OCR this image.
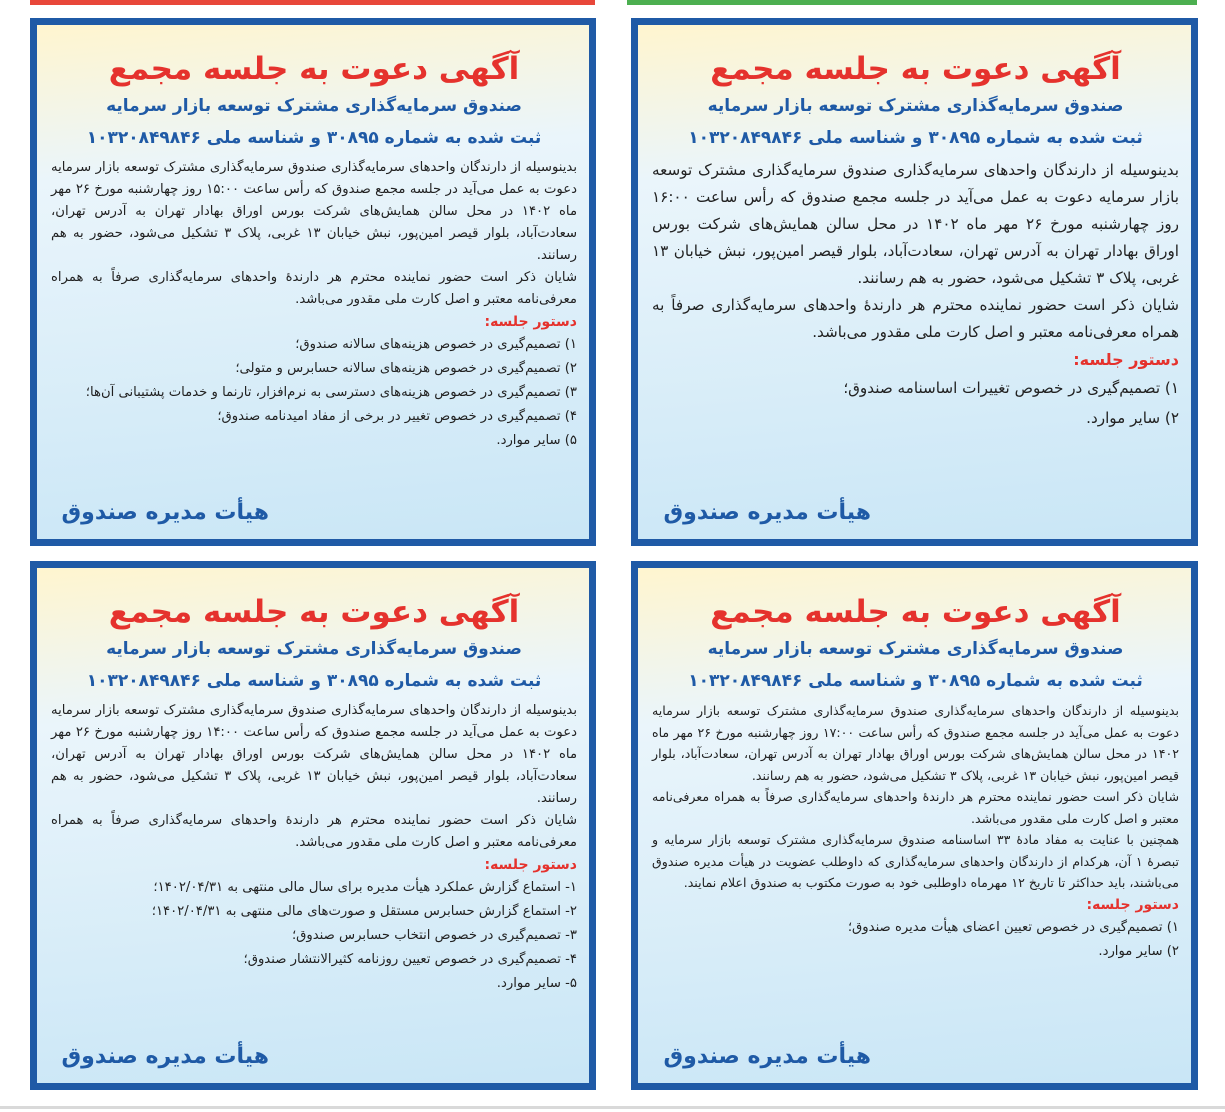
آگهی دعوت به جلسه مجمع
صندوق سرمایه‌گذاری مشترک توسعه بازار سرمایه
ثبت شده به شماره ۳۰۸۹۵ و شناسه ملی ۱۰۳۲۰۸۴۹۸۴۶

بدینوسیله از دارندگان واحدهای سرمایه‌گذاری صندوق سرمایه‌گذاری مشترک توسعه بازار سرمایه دعوت به عمل می‌آید در جلسه مجمع صندوق که رأس ساعت ۱۵:۰۰ روز چهارشنبه مورخ ۲۶ مهر ماه ۱۴۰۲ در محل سالن همایش‌های شرکت بورس اوراق بهادار تهران به آدرس تهران، سعادت‌آباد، بلوار قیصر امین‌پور، نبش خیابان ۱۳ غربی، پلاک ۳ تشکیل می‌شود، حضور به هم رسانند.

شایان ذکر است حضور نماینده محترم هر دارندهٔ واحدهای سرمایه‌گذاری صرفاً به همراه معرفی‌نامه معتبر و اصل کارت ملی مقدور می‌باشد.

دستور جلسه:
۱) تصمیم‌گیری در خصوص هزینه‌های سالانه صندوق؛
۲) تصمیم‌گیری در خصوص هزینه‌های سالانه حسابرس و متولی؛
۳) تصمیم‌گیری در خصوص هزینه‌های دسترسی به نرم‌افزار، تارنما و خدمات پشتیبانی آن‌ها؛
۴) تصمیم‌گیری در خصوص تغییر در برخی از مفاد امیدنامه صندوق؛
۵) سایر موارد.
هیأت مدیره صندوق
آگهی دعوت به جلسه مجمع
صندوق سرمایه‌گذاری مشترک توسعه بازار سرمایه
ثبت شده به شماره ۳۰۸۹۵ و شناسه ملی ۱۰۳۲۰۸۴۹۸۴۶

بدینوسیله از دارندگان واحدهای سرمایه‌گذاری صندوق سرمایه‌گذاری مشترک توسعه بازار سرمایه دعوت به عمل می‌آید در جلسه مجمع صندوق که رأس ساعت ۱۶:۰۰ روز چهارشنبه مورخ ۲۶ مهر ماه ۱۴۰۲ در محل سالن همایش‌های شرکت بورس اوراق بهادار تهران به آدرس تهران، سعادت‌آباد، بلوار قیصر امین‌پور، نبش خیابان ۱۳ غربی، پلاک ۳ تشکیل می‌شود، حضور به هم رسانند.

شایان ذکر است حضور نماینده محترم هر دارندهٔ واحدهای سرمایه‌گذاری صرفاً به همراه معرفی‌نامه معتبر و اصل کارت ملی مقدور می‌باشد.

دستور جلسه:
۱) تصمیم‌گیری در خصوص تغییرات اساسنامه صندوق؛
۲) سایر موارد.
هیأت مدیره صندوق
آگهی دعوت به جلسه مجمع
صندوق سرمایه‌گذاری مشترک توسعه بازار سرمایه
ثبت شده به شماره ۳۰۸۹۵ و شناسه ملی ۱۰۳۲۰۸۴۹۸۴۶

بدینوسیله از دارندگان واحدهای سرمایه‌گذاری صندوق سرمایه‌گذاری مشترک توسعه بازار سرمایه دعوت به عمل می‌آید در جلسه مجمع صندوق که رأس ساعت ۱۴:۰۰ روز چهارشنبه مورخ ۲۶ مهر ماه ۱۴۰۲ در محل سالن همایش‌های شرکت بورس اوراق بهادار تهران به آدرس تهران، سعادت‌آباد، بلوار قیصر امین‌پور، نبش خیابان ۱۳ غربی، پلاک ۳ تشکیل می‌شود، حضور به هم رسانند.

شایان ذکر است حضور نماینده محترم هر دارندهٔ واحدهای سرمایه‌گذاری صرفاً به همراه معرفی‌نامه معتبر و اصل کارت ملی مقدور می‌باشد.

دستور جلسه:
۱- استماع گزارش عملکرد هیأت مدیره برای سال مالی منتهی به ۱۴۰۲/۰۴/۳۱؛
۲- استماع گزارش حسابرس مستقل و صورت‌های مالی منتهی به ۱۴۰۲/۰۴/۳۱؛
۳- تصمیم‌گیری در خصوص انتخاب حسابرس صندوق؛
۴- تصمیم‌گیری در خصوص تعیین روزنامه کثیرالانتشار صندوق؛
۵- سایر موارد.
هیأت مدیره صندوق
آگهی دعوت به جلسه مجمع
صندوق سرمایه‌گذاری مشترک توسعه بازار سرمایه
ثبت شده به شماره ۳۰۸۹۵ و شناسه ملی ۱۰۳۲۰۸۴۹۸۴۶

بدینوسیله از دارندگان واحدهای سرمایه‌گذاری صندوق سرمایه‌گذاری مشترک توسعه بازار سرمایه دعوت به عمل می‌آید در جلسه مجمع صندوق که رأس ساعت ۱۷:۰۰ روز چهارشنبه مورخ ۲۶ مهر ماه ۱۴۰۲ در محل سالن همایش‌های شرکت بورس اوراق بهادار تهران به آدرس تهران، سعادت‌آباد، بلوار قیصر امین‌پور، نبش خیابان ۱۳ غربی، پلاک ۳ تشکیل می‌شود، حضور به هم رسانند.

شایان ذکر است حضور نماینده محترم هر دارندهٔ واحدهای سرمایه‌گذاری صرفاً به همراه معرفی‌نامه معتبر و اصل کارت ملی مقدور می‌باشد.

همچنین با عنایت به مفاد مادهٔ ۳۳ اساسنامه صندوق سرمایه‌گذاری مشترک توسعه بازار سرمایه و تبصرهٔ ۱ آن، هرکدام از دارندگان واحدهای سرمایه‌گذاری که داوطلب عضویت در هیأت مدیره صندوق می‌باشند، باید حداکثر تا تاریخ ۱۲ مهرماه داوطلبی خود به صورت مکتوب به صندوق اعلام نمایند.

دستور جلسه:
۱) تصمیم‌گیری در خصوص تعیین اعضای هیأت مدیره صندوق؛
۲) سایر موارد.
هیأت مدیره صندوق
